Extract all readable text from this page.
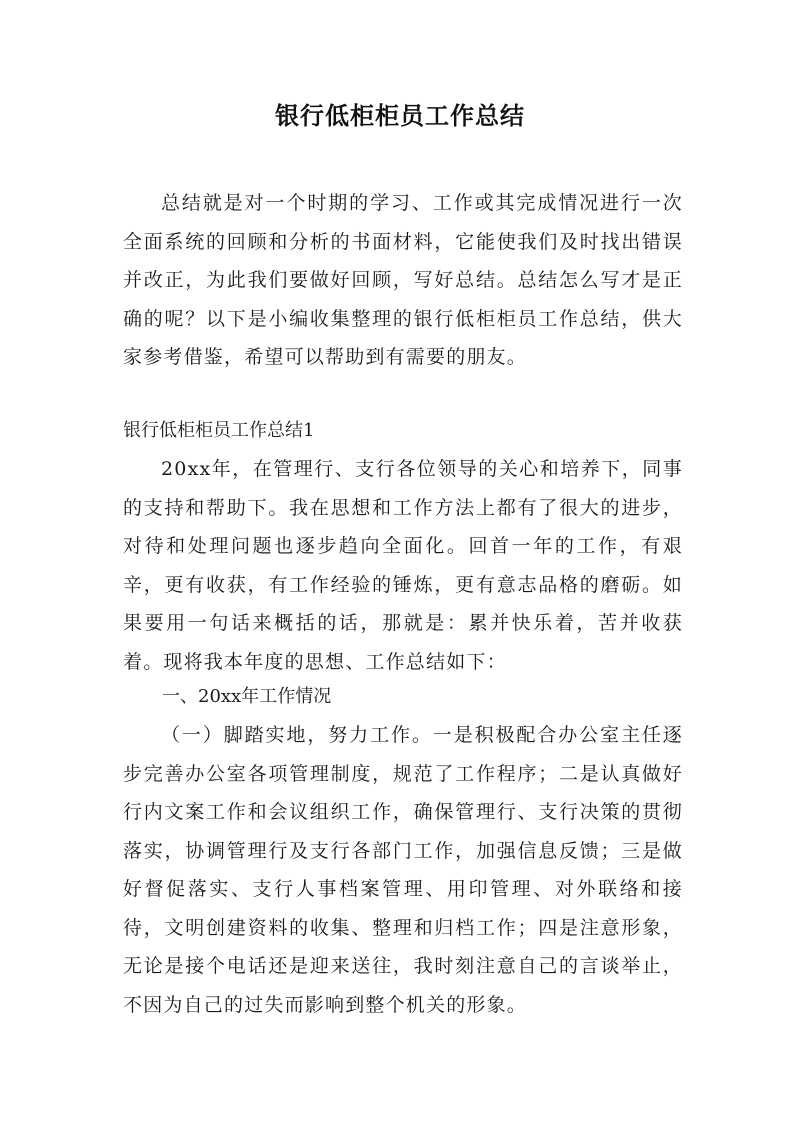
银行低柜柜员工作总结

总结就是对一个时期的学习、工作或其完成情况进行一次全面系统的回顾和分析的书面材料，它能使我们及时找出错误并改正，为此我们要做好回顾，写好总结。总结怎么写才是正确的呢？以下是小编收集整理的银行低柜柜员工作总结，供大家参考借鉴，希望可以帮助到有需要的朋友。

银行低柜柜员工作总结1

20xx年，在管理行、支行各位领导的关心和培养下，同事的支持和帮助下。我在思想和工作方法上都有了很大的进步，对待和处理问题也逐步趋向全面化。回首一年的工作，有艰辛，更有收获，有工作经验的锤炼，更有意志品格的磨砺。如果要用一句话来概括的话，那就是：累并快乐着，苦并收获着。现将我本年度的思想、工作总结如下：

一、20xx年工作情况

（一）脚踏实地，努力工作。一是积极配合办公室主任逐步完善办公室各项管理制度，规范了工作程序；二是认真做好行内文案工作和会议组织工作，确保管理行、支行决策的贯彻落实，协调管理行及支行各部门工作，加强信息反馈；三是做好督促落实、支行人事档案管理、用印管理、对外联络和接待，文明创建资料的收集、整理和归档工作；四是注意形象，无论是接个电话还是迎来送往，我时刻注意自己的言谈举止，不因为自己的过失而影响到整个机关的形象。
